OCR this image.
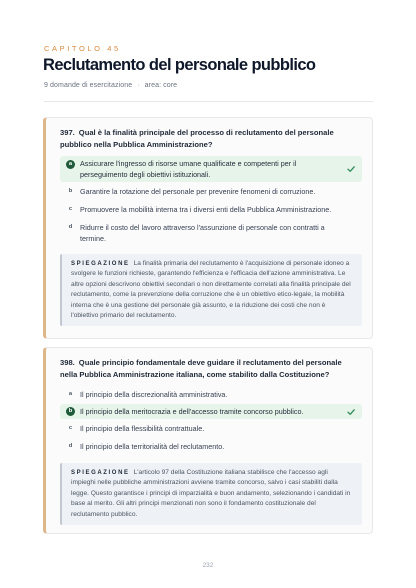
CAPITOLO 45
Reclutamento del personale pubblico
9 domande di esercitazione · area: core
397. Qual è la finalità principale del processo di reclutamento del personale pubblico nella Pubblica Amministrazione?
a	Assicurare l'ingresso di risorse umane qualificate e competenti per il perseguimento degli obiettivi istituzionali.
b	Garantire la rotazione del personale per prevenire fenomeni di corruzione.
c	Promuovere la mobilità interna tra i diversi enti della Pubblica Amministrazione.
d	Ridurre il costo del lavoro attraverso l'assunzione di personale con contratti a termine.
SPIEGAZIONE La finalità primaria del reclutamento è l'acquisizione di personale idoneo a svolgere le funzioni richieste, garantendo l'efficienza e l'efficacia dell'azione amministrativa. Le altre opzioni descrivono obiettivi secondari o non direttamente correlati alla finalità principale del reclutamento, come la prevenzione della corruzione che è un obiettivo etico-legale, la mobilità interna che è una gestione del personale già assunto, e la riduzione dei costi che non è l'obiettivo primario del reclutamento.
398. Quale principio fondamentale deve guidare il reclutamento del personale nella Pubblica Amministrazione italiana, come stabilito dalla Costituzione?
a	Il principio della discrezionalità amministrativa.
b	Il principio della meritocrazia e dell'accesso tramite concorso pubblico.
c	Il principio della flessibilità contrattuale.
d	Il principio della territorialità del reclutamento.
SPIEGAZIONE L'articolo 97 della Costituzione italiana stabilisce che l'accesso agli impieghi nelle pubbliche amministrazioni avviene tramite concorso, salvo i casi stabiliti dalla legge. Questo garantisce i principi di imparzialità e buon andamento, selezionando i candidati in base al merito. Gli altri principi menzionati non sono il fondamento costituzionale del reclutamento pubblico.
232
